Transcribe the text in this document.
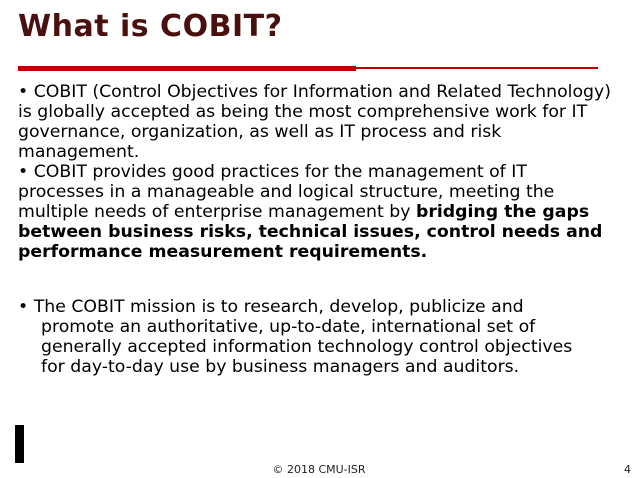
What is COBIT?
• COBIT (Control Objectives for Information and Related Technology) is globally accepted as being the most comprehensive work for IT governance, organization, as well as IT process and risk management.
• COBIT provides good practices for the management of IT processes in a manageable and logical structure, meeting the multiple needs of enterprise management by bridging the gaps between business risks, technical issues, control needs and performance measurement requirements.
• The COBIT mission is to research, develop, publicize and promote an authoritative, up-to-date, international set of generally accepted information technology control objectives for day-to-day use by business managers and auditors.
© 2018 CMU-ISR	4
